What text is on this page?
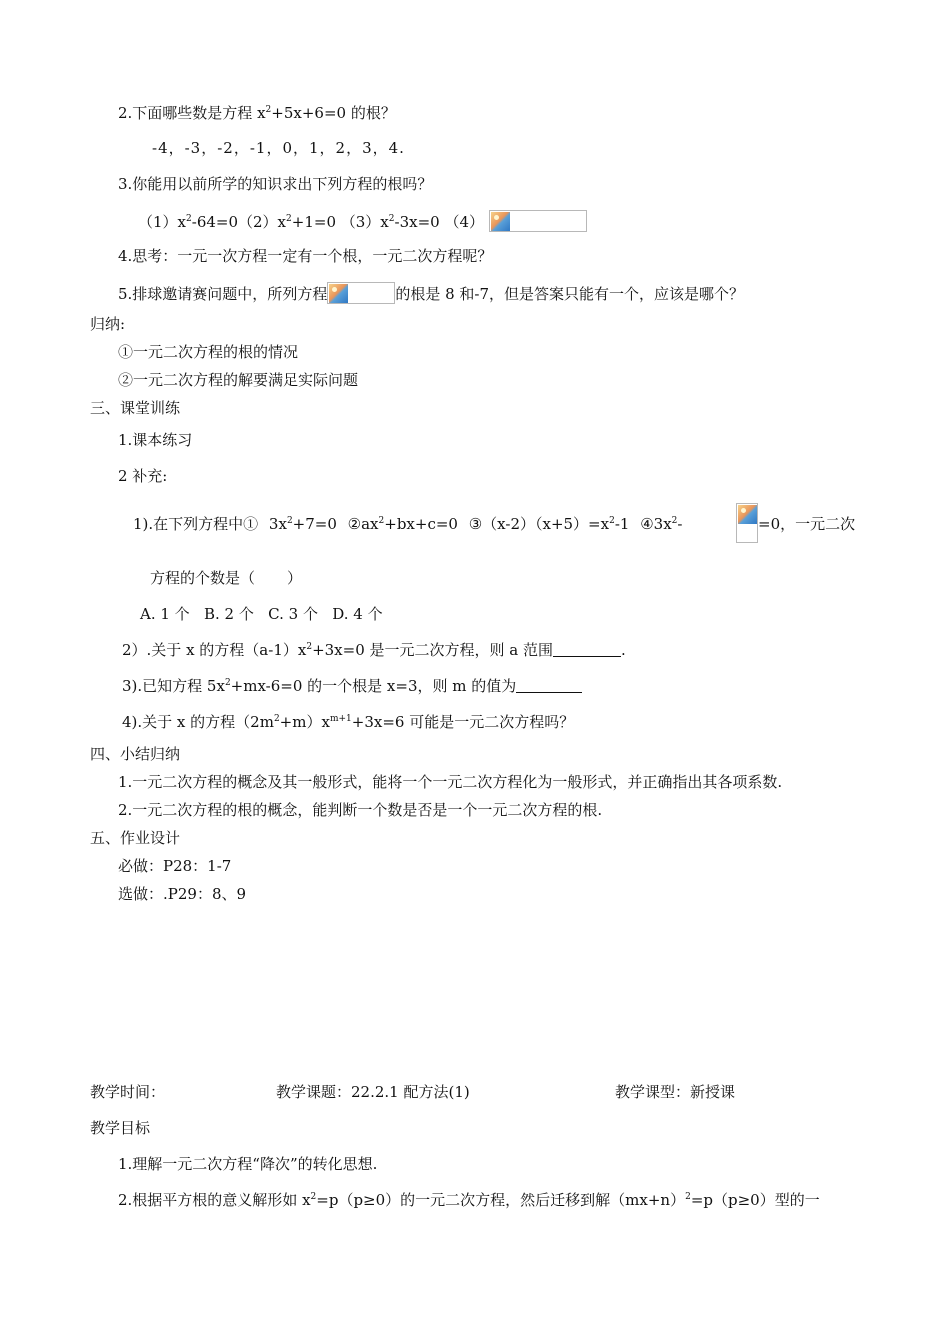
2.下面哪些数是方程 $x^2+5x+6=0$ 的根？
-4，-3，-2，-1，0，1，2，3，4.
3.你能用以前所学的知识求出下列方程的根吗？
$(1)x^2-64=0(2)x^2+1=0$ $(3)x^2-3x=0$ （4）
4.思考：一元一次方程一定有一个根，一元二次方程呢？
5.排球邀请赛问题中，所列方程	的根是 8 和-7，但是答案只能有一个，应该是哪个？
归纳:
①一元二次方程的根的情况
②一元二次方程的解要满足实际问题
三、课堂训练
1.课本练习
2 补充:
1).在下列方程中① $3x^2+7=0$ $②ax^2+bx+c=0$ $③(x-2)(x+5)=x^2-1$ $④3x^2-$	=0，一元二次
方程的个数是（ ）
A. 1 个   B. 2 个   C. 3 个   D. 4 个
2）.关于 x 的方程$(a-1)x^2+3x=0$ 是一元二次方程，则 a 范围	.
3).已知方程 $5x^2+mx-6=0$ 的一个根是 x=3，则 m 的值为
4).关于 x 的方程$(2m^2+m)x^{m+1}+3x=6$ 可能是一元二次方程吗？
四、小结归纳
1.一元二次方程的概念及其一般形式，能将一个一元二次方程化为一般形式，并正确指出其各项系数.
2.一元二次方程的根的概念，能判断一个数是否是一个一元二次方程的根.
五、作业设计
必做：P28：1-7
选做：.P29：8、9
教学时间：	教学课题：22.2.1 配方法(1)	教学课型：新授课
教学目标
1.理解一元二次方程“降次”的转化思想.
2.根据平方根的意义解形如 $x^2=p(p\ge 0)$的一元二次方程，然后迁移到解$(mx+n)^2=p(p\ge 0)$型的一
